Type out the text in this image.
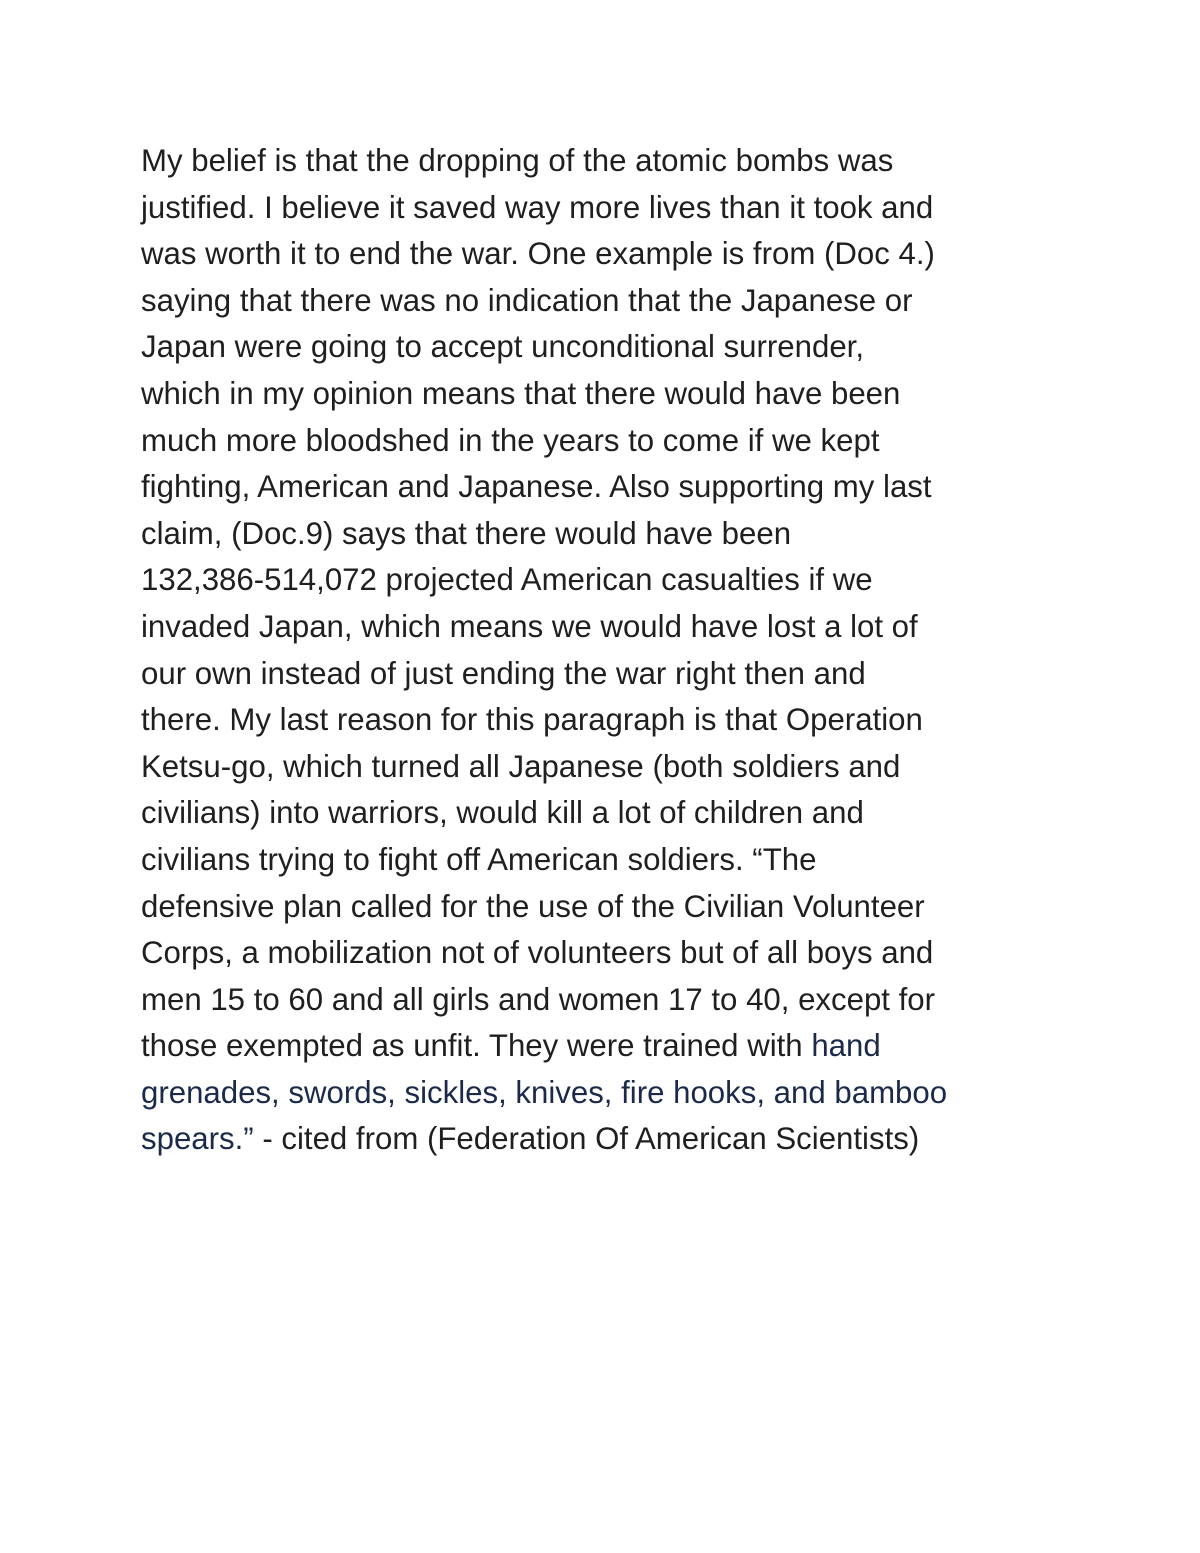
My belief is that the dropping of the atomic bombs was
justified. I believe it saved way more lives than it took and
was worth it to end the war. One example is from (Doc 4.)
saying that there was no indication that the Japanese or
Japan were going to accept unconditional surrender,
which in my opinion means that there would have been
much more bloodshed in the years to come if we kept
fighting, American and Japanese. Also supporting my last
claim, (Doc.9) says that there would have been
132,386-514,072 projected American casualties if we
invaded Japan, which means we would have lost a lot of
our own instead of just ending the war right then and
there. My last reason for this paragraph is that Operation
Ketsu-go, which turned all Japanese (both soldiers and
civilians) into warriors, would kill a lot of children and
civilians trying to fight off American soldiers. “The
defensive plan called for the use of the Civilian Volunteer
Corps, a mobilization not of volunteers but of all boys and
men 15 to 60 and all girls and women 17 to 40, except for
those exempted as unfit. They were trained with hand
grenades, swords, sickles, knives, fire hooks, and bamboo
spears.” - cited from (Federation Of American Scientists)
